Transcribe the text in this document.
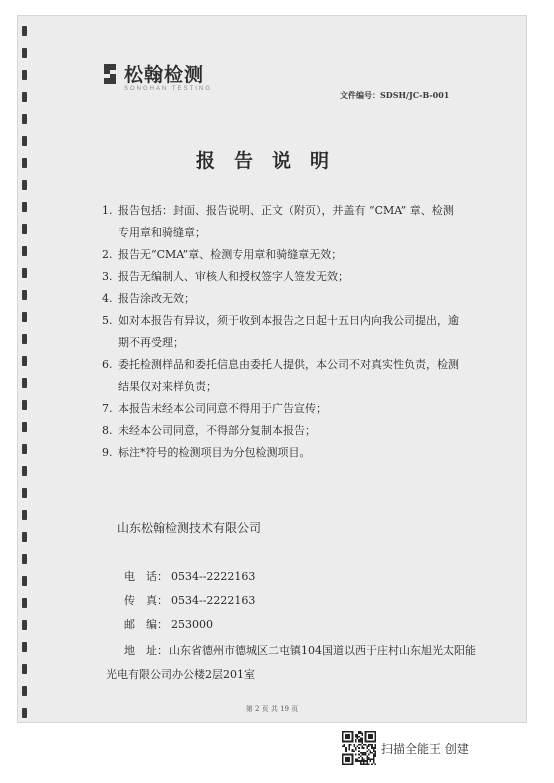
松翰检测
SONGHAN TESTING
文件编号：SDSH/JC-B-001
报告说明
1. 报告包括：封面、报告说明、正文（附页），并盖有 “CMA” 章、检测专用章和骑缝章；
2. 报告无“CMA”章、检测专用章和骑缝章无效；
3. 报告无编制人、审核人和授权签字人签发无效；
4. 报告涂改无效；
5. 如对本报告有异议，须于收到本报告之日起十五日内向我公司提出，逾期不再受理；
6. 委托检测样品和委托信息由委托人提供，本公司不对真实性负责，检测结果仅对来样负责；
7. 本报告未经本公司同意不得用于广告宣传；
8. 未经本公司同意，不得部分复制本报告；
9. 标注*符号的检测项目为分包检测项目。
山东松翰检测技术有限公司
电　话： 0534--2222163
传　真： 0534--2222163
邮　编： 253000
地　址：山东省德州市德城区二屯镇104国道以西于庄村山东旭光太阳能光电有限公司办公楼2层201室
第 2 页 共 19 页
扫描全能王 创建
